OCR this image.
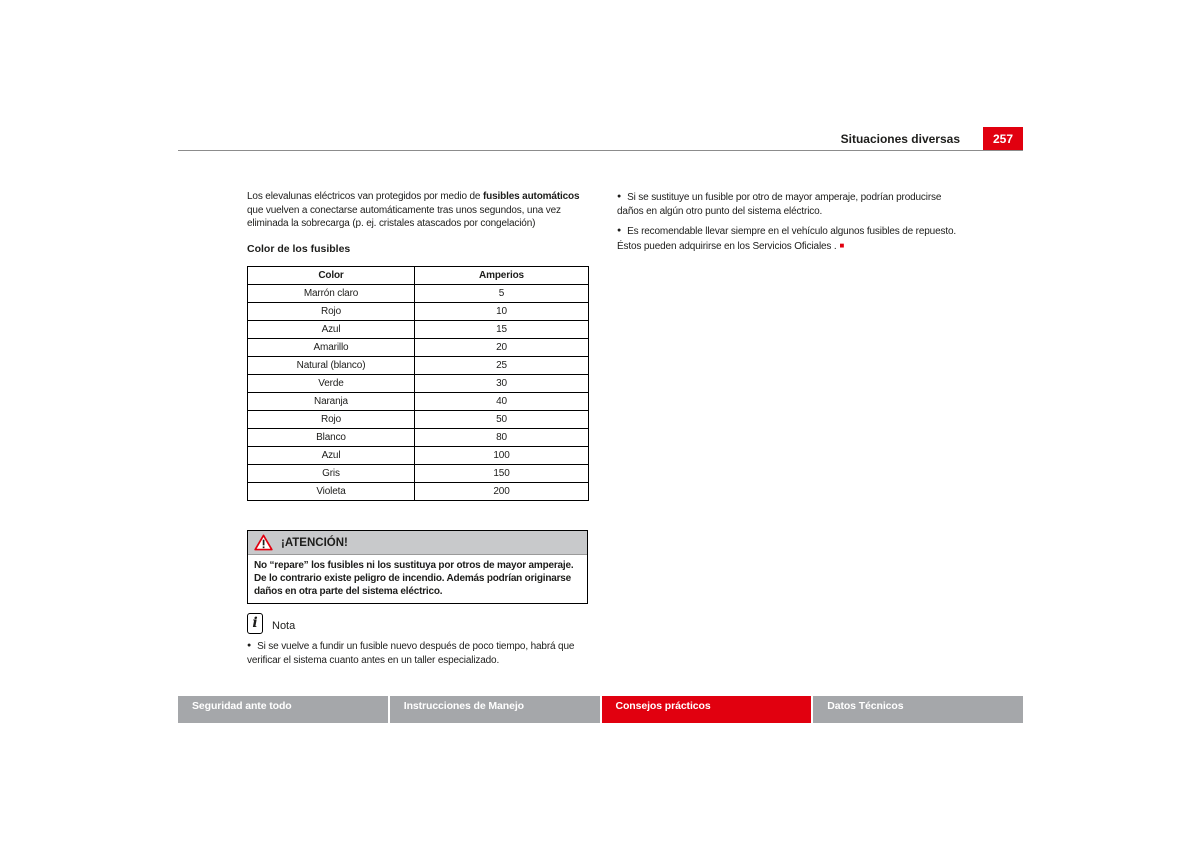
Situaciones diversas	257

Los elevalunas eléctricos van protegidos por medio de fusibles automáticos que vuelven a conectarse automáticamente tras unos segundos, una vez eliminada la sobrecarga (p. ej. cristales atascados por congelación)

Color de los fusibles
Color	Amperios
Marrón claro	5
Rojo	10
Azul	15
Amarillo	20
Natural (blanco)	25
Verde	30
Naranja	40
Rojo	50
Blanco	80
Azul	100
Gris	150
Violeta	200
¡ATENCIÓN!
No “repare” los fusibles ni los sustituya por otros de mayor amperaje. De lo contrario existe peligro de incendio. Además podrían originarse daños en otra parte del sistema eléctrico.
i	Nota

● Si se vuelve a fundir un fusible nuevo después de poco tiempo, habrá que verificar el sistema cuanto antes en un taller especializado.

● Si se sustituye un fusible por otro de mayor amperaje, podrían producirse daños en algún otro punto del sistema eléctrico.

● Es recomendable llevar siempre en el vehículo algunos fusibles de repuesto. Éstos pueden adquirirse en los Servicios Oficiales . ■

Seguridad ante todo	Instrucciones de Manejo	Consejos prácticos	Datos Técnicos
